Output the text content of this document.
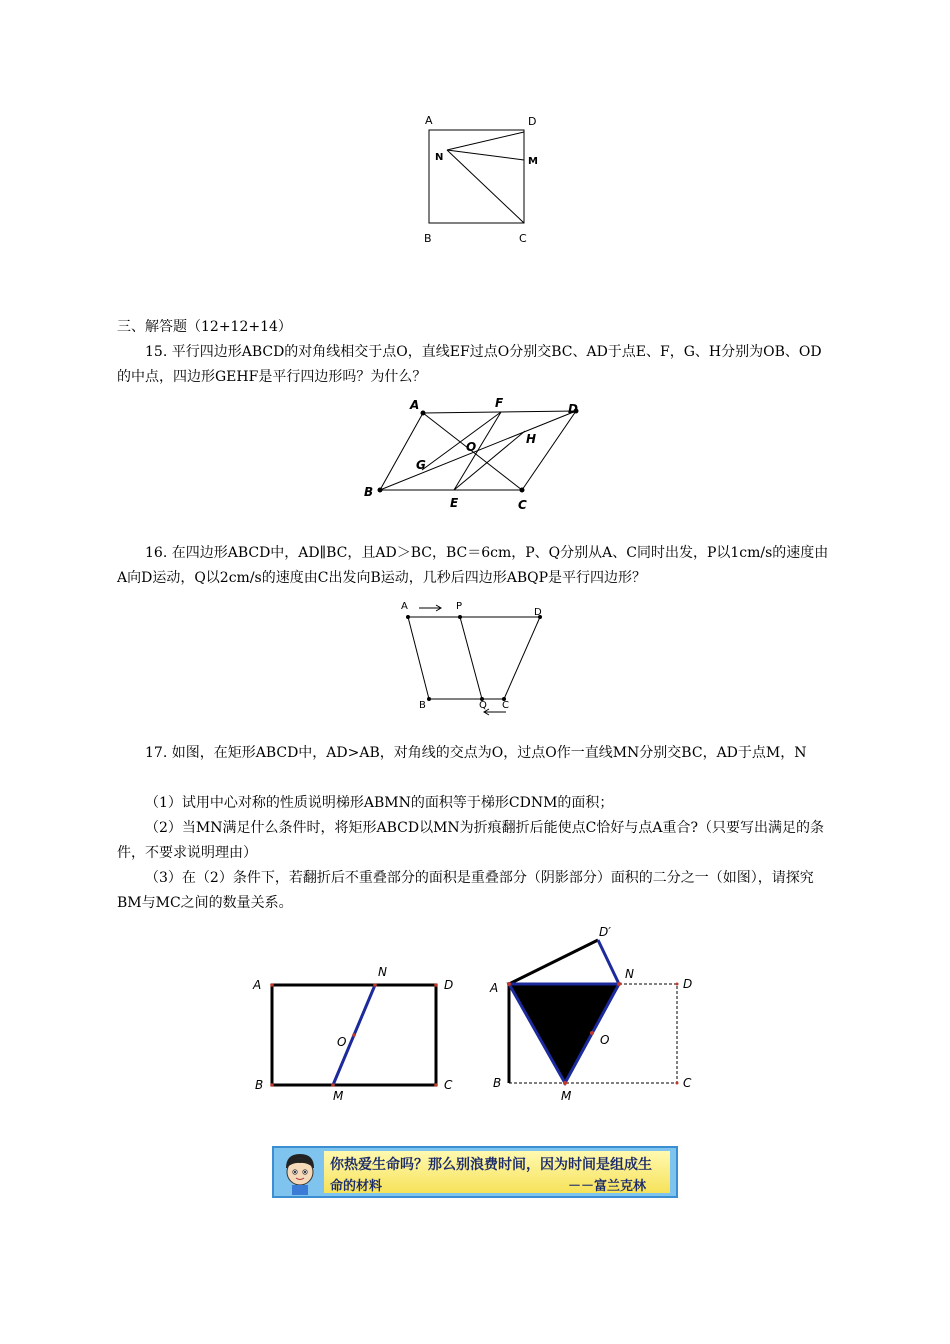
A	D
N	M
B	C
三、解答题（12+12+14）
15. 平行四边形ABCD的对角线相交于点O，直线EF过点O分别交BC、AD于点E、F，G、H分别为OB、OD的中点，四边形GEHF是平行四边形吗？为什么？
A	F	D
O
H
G
B
E	C
16. 在四边形ABCD中，AD∥BC，且AD＞BC，BC＝6cm，P、Q分别从A、C同时出发，P以1cm/s的速度由A向D运动，Q以2cm/s的速度由C出发向B运动，几秒后四边形ABQP是平行四边形？
A	P
D
B	Q C
17. 如图，在矩形ABCD中，AD>AB，对角线的交点为O，过点O作一直线MN分别交BC，AD于点M，N
（1）试用中心对称的性质说明梯形ABMN的面积等于梯形CDNM的面积；
（2）当MN满足什么条件时，将矩形ABCD以MN为折痕翻折后能使点C恰好与点A重合?（只要写出满足的条件，不要求说明理由）
（3）在（2）条件下，若翻折后不重叠部分的面积是重叠部分（阴影部分）面积的二分之一（如图），请探究BM与MC之间的数量关系。
A
N
D
O
B
M
C
D′
A
N
D
O
B
M
C
你热爱生命吗？那么别浪费时间，因为时间是组成生
命的材料	－－富兰克林
